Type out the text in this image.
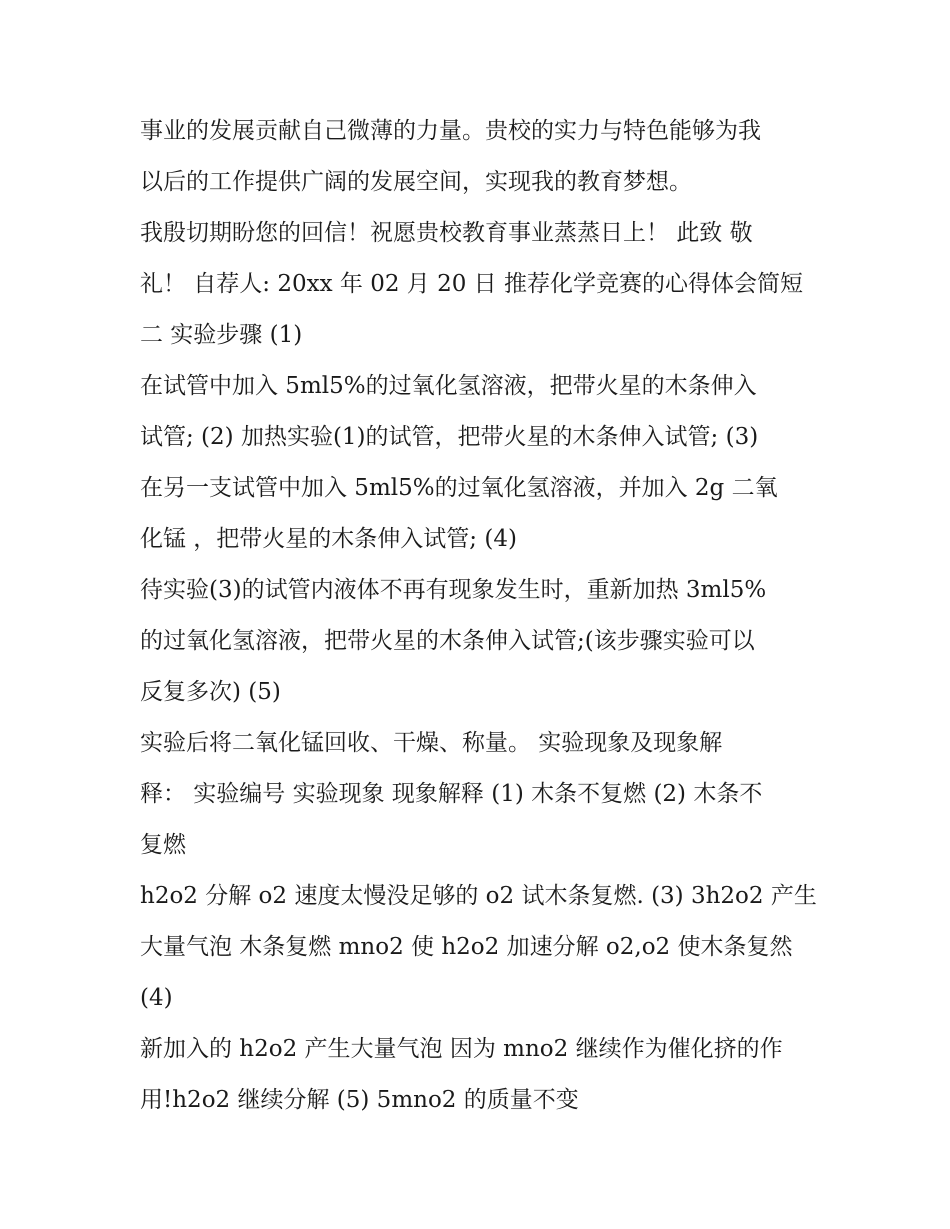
事业的发展贡献自己微薄的力量。贵校的实力与特色能够为我
以后的工作提供广阔的发展空间，实现我的教育梦想。
我殷切期盼您的回信！祝愿贵校教育事业蒸蒸日上！ 此致 敬
礼！ 自荐人: 20xx 年 02 月 20 日 推荐化学竞赛的心得体会简短
二 实验步骤 (1)
在试管中加入 5ml5%的过氧化氢溶液，把带火星的木条伸入
试管; (2) 加热实验(1)的试管，把带火星的木条伸入试管; (3)
在另一支试管中加入 5ml5%的过氧化氢溶液，并加入 2g 二氧
化锰 ，把带火星的木条伸入试管; (4)
待实验(3)的试管内液体不再有现象发生时，重新加热 3ml5%
的过氧化氢溶液，把带火星的木条伸入试管;(该步骤实验可以
反复多次) (5)
实验后将二氧化锰回收、干燥、称量。 实验现象及现象解
释： 实验编号 实验现象 现象解释 (1) 木条不复燃 (2) 木条不
复燃
h2o2 分解 o2 速度太慢没足够的 o2 试木条复燃. (3) 3h2o2 产生
大量气泡 木条复燃 mno2 使 h2o2 加速分解 o2,o2 使木条复然
(4)
新加入的 h2o2 产生大量气泡 因为 mno2 继续作为催化挤的作
用!h2o2 继续分解 (5) 5mno2 的质量不变
